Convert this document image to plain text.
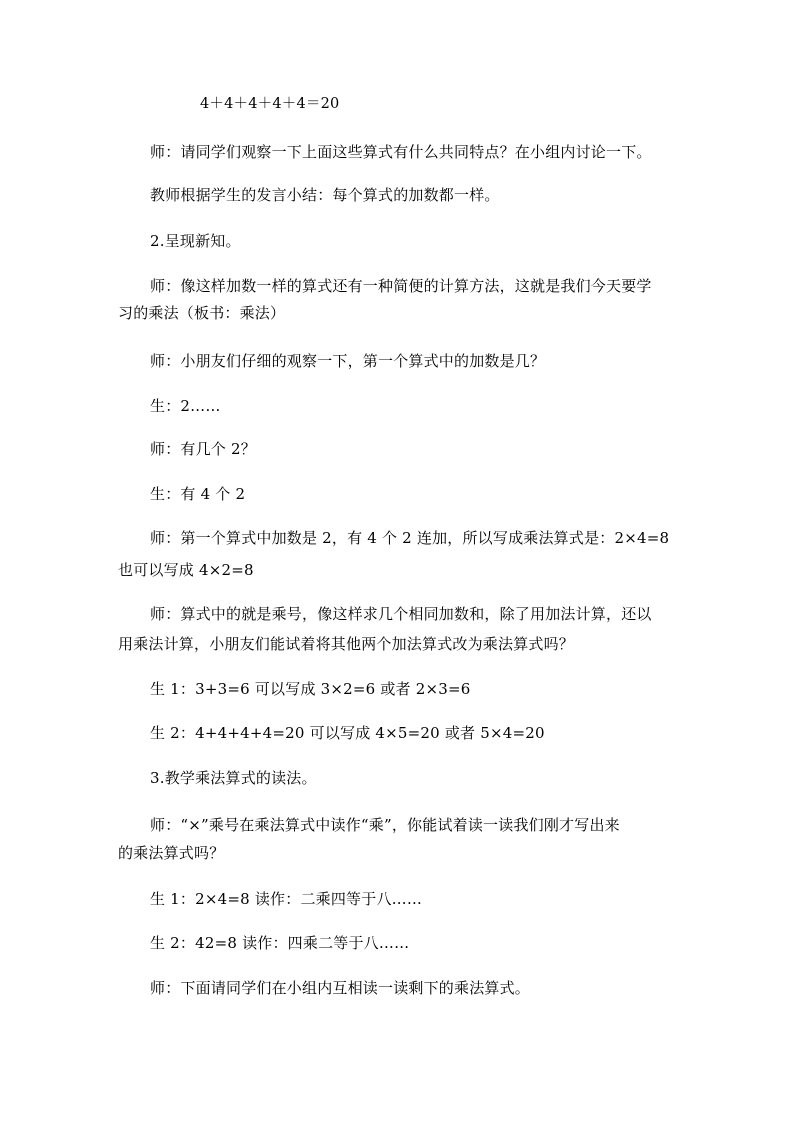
4＋4＋4＋4＋4＝20
师：请同学们观察一下上面这些算式有什么共同特点？在小组内讨论一下。
教师根据学生的发言小结：每个算式的加数都一样。
2.呈现新知。
师：像这样加数一样的算式还有一种简便的计算方法，这就是我们今天要学
习的乘法（板书：乘法）
师：小朋友们仔细的观察一下，第一个算式中的加数是几？
生：2……
师：有几个 2？
生：有 4 个 2
师：第一个算式中加数是 2，有 4 个 2 连加，所以写成乘法算式是：2×4=8
也可以写成 4×2=8
师：算式中的就是乘号，像这样求几个相同加数和，除了用加法计算，还以
用乘法计算，小朋友们能试着将其他两个加法算式改为乘法算式吗？
生 1：3+3=6 可以写成 3×2=6 或者 2×3=6
生 2：4+4+4+4=20 可以写成 4×5=20 或者 5×4=20
3.教学乘法算式的读法。
师：“×”乘号在乘法算式中读作“乘”，你能试着读一读我们刚才写出来
的乘法算式吗？
生 1：2×4=8 读作：二乘四等于八……
生 2：42=8 读作：四乘二等于八……
师：下面请同学们在小组内互相读一读剩下的乘法算式。
